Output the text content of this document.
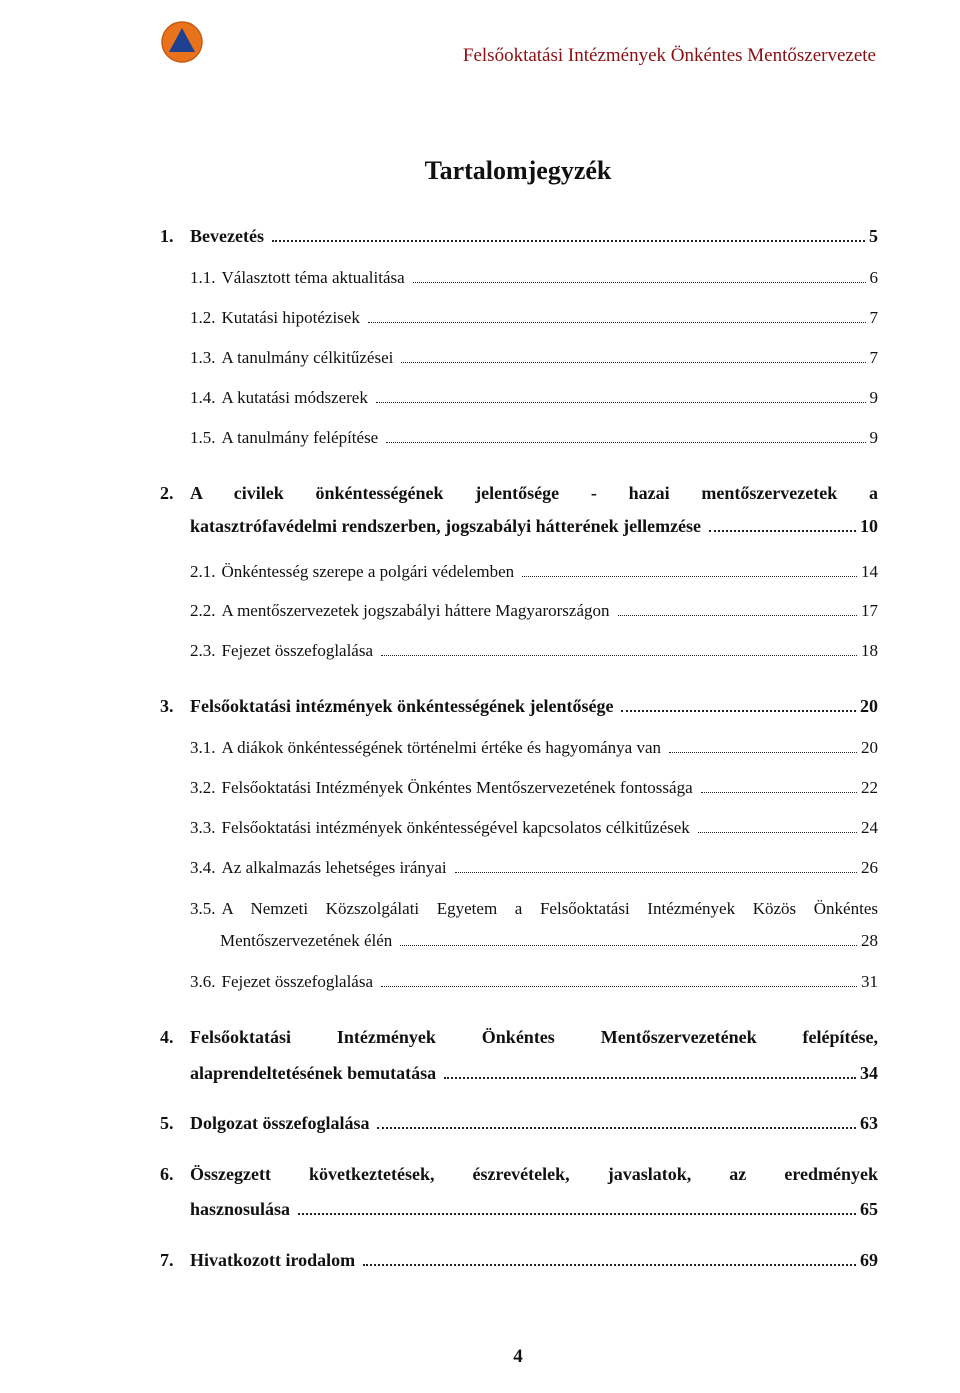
Felsőoktatási Intézmények Önkéntes Mentőszervezete
Tartalomjegyzék
1. Bevezetés	5
1.1. Választott téma aktualitása	6
1.2. Kutatási hipotézisek	7
1.3. A tanulmány célkitűzései	7
1.4. A kutatási módszerek	9
1.5. A tanulmány felépítése	9
2. A civilek önkéntességének jelentősége - hazai mentőszervezetek a
katasztrófavédelmi rendszerben, jogszabályi hátterének jellemzése	10
2.1. Önkéntesség szerepe a polgári védelemben	14
2.2. A mentőszervezetek jogszabályi háttere Magyarországon	17
2.3. Fejezet összefoglalása	18
3. Felsőoktatási intézmények önkéntességének jelentősége	20
3.1. A diákok önkéntességének történelmi értéke és hagyománya van	20
3.2. Felsőoktatási Intézmények Önkéntes Mentőszervezetének fontossága	22
3.3. Felsőoktatási intézmények önkéntességével kapcsolatos célkitűzések	24
3.4. Az alkalmazás lehetséges irányai	26
3.5. A Nemzeti Közszolgálati Egyetem a Felsőoktatási Intézmények Közös Önkéntes
Mentőszervezetének élén	28
3.6. Fejezet összefoglalása	31
4. Felsőoktatási Intézmények Önkéntes Mentőszervezetének felépítése,
alaprendeltetésének bemutatása	34
5. Dolgozat összefoglalása	63
6. Összegzett következtetések, észrevételek, javaslatok, az eredmények
hasznosulása	65
7. Hivatkozott irodalom	69
4
